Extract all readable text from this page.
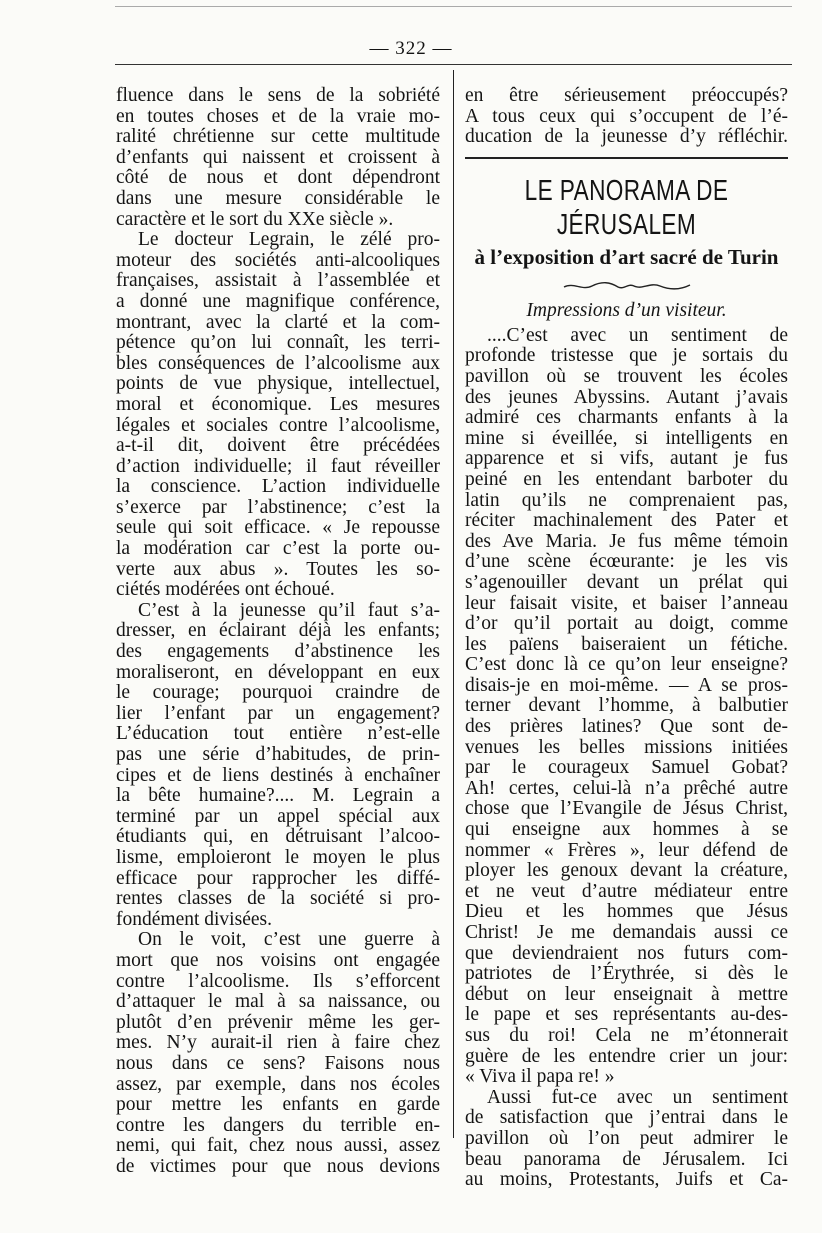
— 322 —
fluence dans le sens de la sobriété
en toutes choses et de la vraie mo-
ralité chrétienne sur cette multitude
d’enfants qui naissent et croissent à
côté de nous et dont dépendront
dans une mesure considérable le
caractère et le sort du XXe siècle ».
Le docteur Legrain, le zélé pro-
moteur des sociétés anti-alcooliques
françaises, assistait à l’assemblée et
a donné une magnifique conférence,
montrant, avec la clarté et la com-
pétence qu’on lui connaît, les terri-
bles conséquences de l’alcoolisme aux
points de vue physique, intellectuel,
moral et économique. Les mesures
légales et sociales contre l’alcoolisme,
a-t-il dit, doivent être précédées
d’action individuelle; il faut réveiller
la conscience. L’action individuelle
s’exerce par l’abstinence; c’est la
seule qui soit efficace. « Je repousse
la modération car c’est la porte ou-
verte aux abus ». Toutes les so-
ciétés modérées ont échoué.
C’est à la jeunesse qu’il faut s’a-
dresser, en éclairant déjà les enfants;
des engagements d’abstinence les
moraliseront, en développant en eux
le courage; pourquoi craindre de
lier l’enfant par un engagement?
L’éducation tout entière n’est-elle
pas une série d’habitudes, de prin-
cipes et de liens destinés à enchaîner
la bête humaine?.... M. Legrain a
terminé par un appel spécial aux
étudiants qui, en détruisant l’alcoo-
lisme, emploieront le moyen le plus
efficace pour rapprocher les diffé-
rentes classes de la société si pro-
fondément divisées.
On le voit, c’est une guerre à
mort que nos voisins ont engagée
contre l’alcoolisme. Ils s’efforcent
d’attaquer le mal à sa naissance, ou
plutôt d’en prévenir même les ger-
mes. N’y aurait-il rien à faire chez
nous dans ce sens? Faisons nous
assez, par exemple, dans nos écoles
pour mettre les enfants en garde
contre les dangers du terrible en-
nemi, qui fait, chez nous aussi, assez
de victimes pour que nous devions
en être sérieusement préoccupés?
A tous ceux qui s’occupent de l’é-
ducation de la jeunesse d’y réfléchir.
LE PANORAMA DE JÉRUSALEM
à l’exposition d’art sacré de Turin
Impressions d’un visiteur.
....C’est avec un sentiment de
profonde tristesse que je sortais du
pavillon où se trouvent les écoles
des jeunes Abyssins. Autant j’avais
admiré ces charmants enfants à la
mine si éveillée, si intelligents en
apparence et si vifs, autant je fus
peiné en les entendant barboter du
latin qu’ils ne comprenaient pas,
réciter machinalement des Pater et
des Ave Maria. Je fus même témoin
d’une scène écœurante: je les vis
s’agenouiller devant un prélat qui
leur faisait visite, et baiser l’anneau
d’or qu’il portait au doigt, comme
les païens baiseraient un fétiche.
C’est donc là ce qu’on leur enseigne?
disais-je en moi-même. — A se pros-
terner devant l’homme, à balbutier
des prières latines? Que sont de-
venues les belles missions initiées
par le courageux Samuel Gobat?
Ah! certes, celui-là n’a prêché autre
chose que l’Evangile de Jésus Christ,
qui enseigne aux hommes à se
nommer « Frères », leur défend de
ployer les genoux devant la créature,
et ne veut d’autre médiateur entre
Dieu et les hommes que Jésus
Christ! Je me demandais aussi ce
que deviendraient nos futurs com-
patriotes de l’Érythrée, si dès le
début on leur enseignait à mettre
le pape et ses représentants au-des-
sus du roi! Cela ne m’étonnerait
guère de les entendre crier un jour:
« Viva il papa re! »
Aussi fut-ce avec un sentiment
de satisfaction que j’entrai dans le
pavillon où l’on peut admirer le
beau panorama de Jérusalem. Ici
au moins, Protestants, Juifs et Ca-
